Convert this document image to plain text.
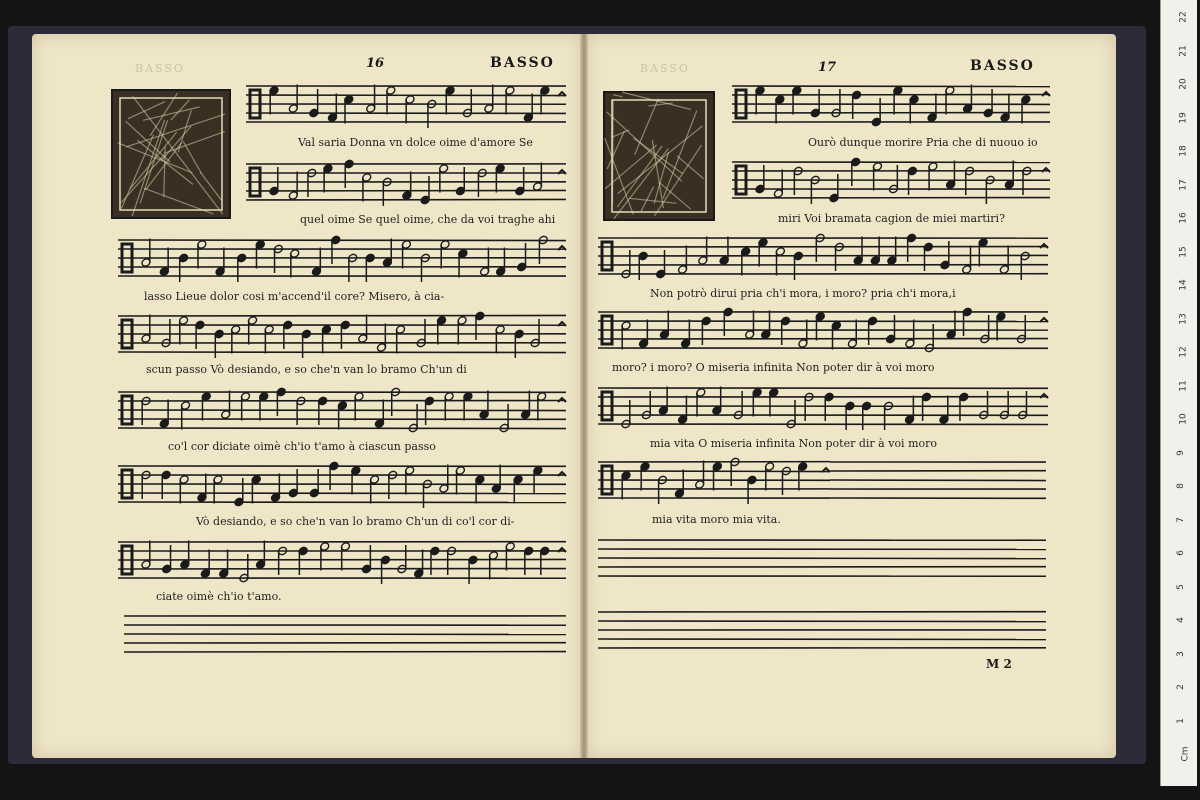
BASSO	BASSO
16	BASSO	17	BASSO
Val saria Donna vn dolce oime d'amore Se
quel oime Se quel oime, che da voi traghe ahi
lasso Lieue dolor cosi m'accend'il core? Misero, à cia-
scun passo Vò desiando, e so che'n van lo bramo Ch'un di
co'l cor diciate oimè ch'io t'amo à ciascun passo
Vò desiando, e so che'n van lo bramo Ch'un di co'l cor di-
ciate oimè ch'io t'amo.
Ourò dunque morire Pria che di nuouo io
miri Voi bramata cagion de miei martiri?
Non potrò dirui pria ch'i mora, i moro? pria ch'i mora,i
moro? i moro? O miseria infinita Non poter dir à voi moro
mia vita O miseria infinita Non poter dir à voi moro
mia vita moro mia vita.
M 2
22
21
20
19
18
17
16
15
14
13
12
11
10
9
8
7
6
5
4
3
2
1
Cm
